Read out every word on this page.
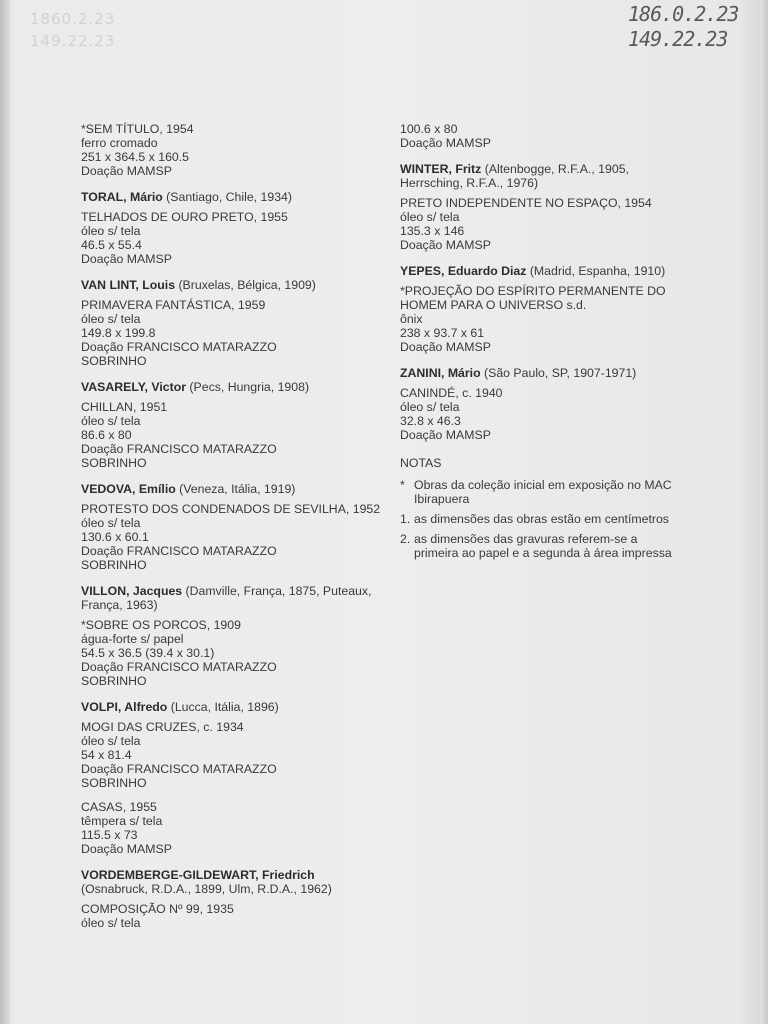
1860.2.23
149.22.23
186.0.2.23
149.22.23
*SEM TÍTULO, 1954
ferro cromado
251 x 364.5 x 160.5
Doação MAMSP
TORAL, Mário (Santiago, Chile, 1934)
TELHADOS DE OURO PRETO, 1955
óleo s/ tela
46.5 x 55.4
Doação MAMSP
VAN LINT, Louis (Bruxelas, Bélgica, 1909)
PRIMAVERA FANTÁSTICA, 1959
óleo s/ tela
149.8 x 199.8
Doação FRANCISCO MATARAZZO
SOBRINHO
VASARELY, Victor (Pecs, Hungria, 1908)
CHILLAN, 1951
óleo s/ tela
86.6 x 80
Doação FRANCISCO MATARAZZO
SOBRINHO
VEDOVA, Emílio (Veneza, Itália, 1919)
PROTESTO DOS CONDENADOS DE SEVILHA, 1952
óleo s/ tela
130.6 x 60.1
Doação FRANCISCO MATARAZZO
SOBRINHO
VILLON, Jacques (Damville, França, 1875, Puteaux, França, 1963)
*SOBRE OS PORCOS, 1909
água-forte s/ papel
54.5 x 36.5 (39.4 x 30.1)
Doação FRANCISCO MATARAZZO
SOBRINHO
VOLPI, Alfredo (Lucca, Itália, 1896)
MOGI DAS CRUZES, c. 1934
óleo s/ tela
54 x 81.4
Doação FRANCISCO MATARAZZO
SOBRINHO
CASAS, 1955
têmpera s/ tela
115.5 x 73
Doação MAMSP
VORDEMBERGE-GILDEWART, Friedrich (Osnabruck, R.D.A., 1899, Ulm, R.D.A., 1962)
COMPOSIÇÃO Nº 99, 1935
óleo s/ tela
100.6 x 80
Doação MAMSP
WINTER, Fritz (Altenbogge, R.F.A., 1905, Herrsching, R.F.A., 1976)
PRETO INDEPENDENTE NO ESPAÇO, 1954
óleo s/ tela
135.3 x 146
Doação MAMSP
YEPES, Eduardo Diaz (Madrid, Espanha, 1910)
*PROJEÇÃO DO ESPÍRITO PERMANENTE DO HOMEM PARA O UNIVERSO s.d.
ônix
238 x 93.7 x 61
Doação MAMSP
ZANINI, Mário (São Paulo, SP, 1907-1971)
CANINDÉ, c. 1940
óleo s/ tela
32.8 x 46.3
Doação MAMSP
NOTAS
* Obras da coleção inicial em exposição no MAC Ibirapuera
1. as dimensões das obras estão em centímetros
2. as dimensões das gravuras referem-se a primeira ao papel e a segunda à área impressa
